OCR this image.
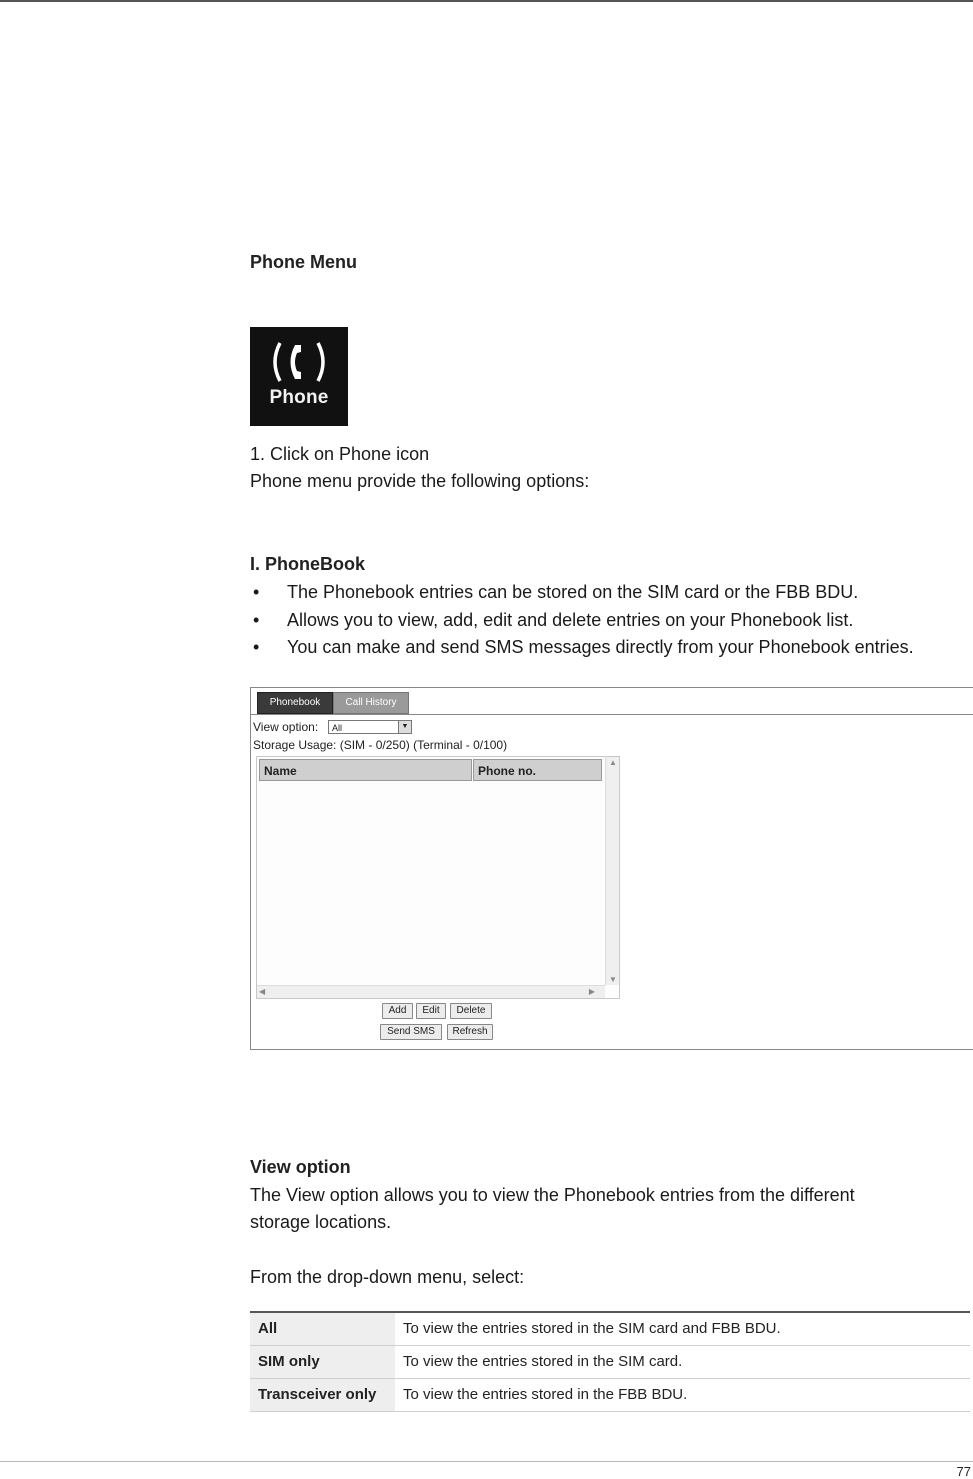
Phone Menu
Phone
1. Click on Phone icon
Phone menu provide the following options:
I. PhoneBook
• The Phonebook entries can be stored on the SIM card or the FBB BDU.
• Allows you to view, add, edit and delete entries on your Phonebook list.
• You can make and send SMS messages directly from your Phonebook entries.
Phonebook	Call History
View option:	All	▼
Storage Usage: (SIM - 0/250) (Terminal - 0/100)
Name	Phone no.
▲
▼
◀	▶
Add	Edit	Delete
Send SMS	Refresh
View option
The View option allows you to view the Phonebook entries from the different
storage locations.
From the drop-down menu, select:
All	To view the entries stored in the SIM card and FBB BDU.
SIM only	To view the entries stored in the SIM card.
Transceiver only	To view the entries stored in the FBB BDU.
77
